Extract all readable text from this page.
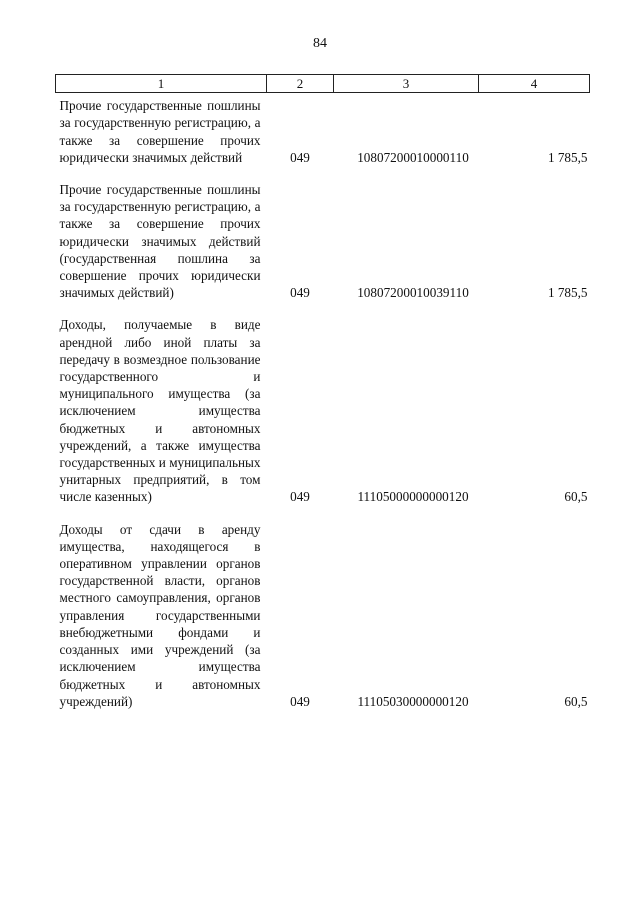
84
1	2	3	4
Прочие государственные пошлины за государственную регистрацию, а также за совершение прочих юридически значимых действий	049	10807200010000110	1 785,5

Прочие государственные пошлины за государственную регистрацию, а также за совершение прочих юридически значимых действий (государственная пошлина за совершение прочих юридически значимых действий)	049	10807200010039110	1 785,5

Доходы, получаемые в виде арендной либо иной платы за передачу в возмездное пользование государственного и муниципального имущества (за исключением имущества бюджетных и автономных учреждений, а также имущества государственных и муниципальных унитарных предприятий, в том числе казенных)	049	11105000000000120	60,5

Доходы от сдачи в аренду имущества, находящегося в оперативном управлении органов государственной власти, органов местного самоуправления, органов управления государственными внебюджетными фондами и созданных ими учреждений (за исключением имущества бюджетных и автономных учреждений)	049	11105030000000120	60,5
